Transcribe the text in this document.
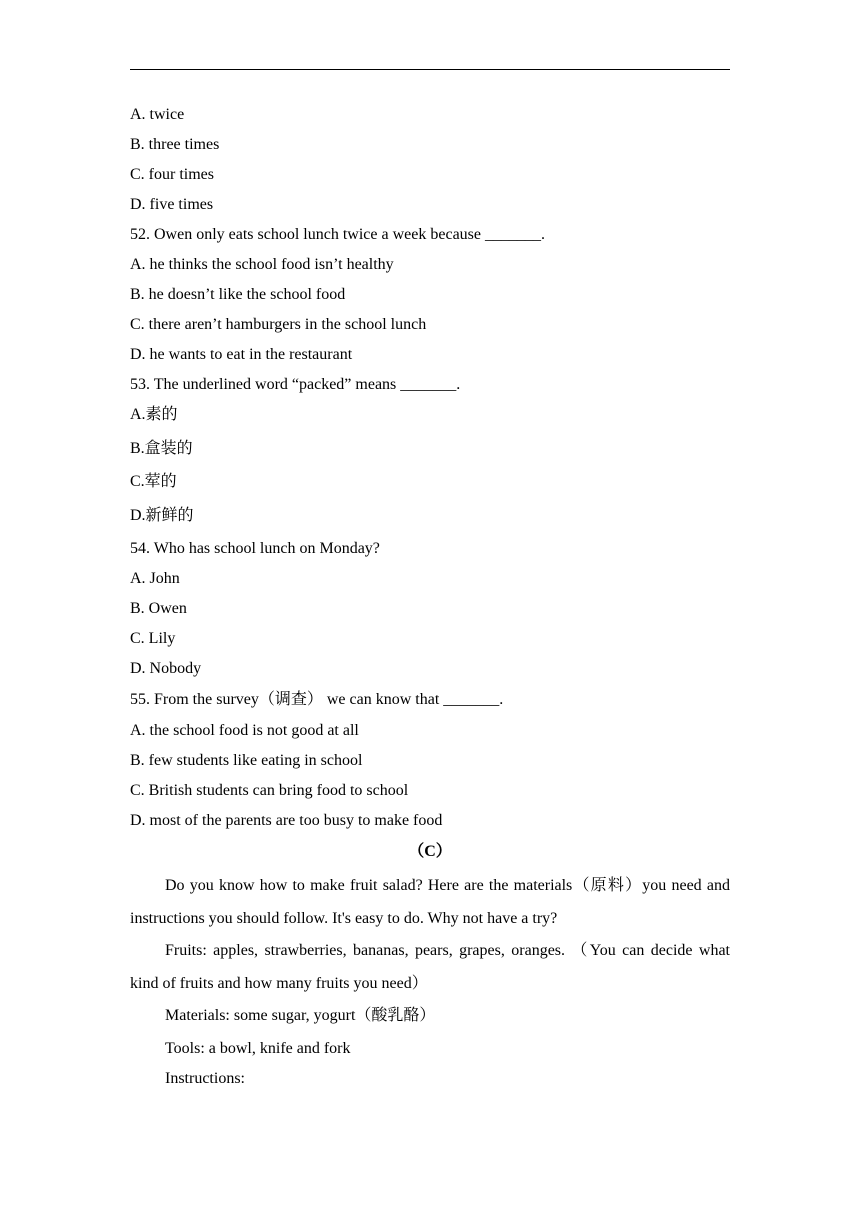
A. twice
B. three times
C. four times
D. five times
52. Owen only eats school lunch twice a week because _______.
A. he thinks the school food isn’t healthy
B. he doesn’t like the school food
C. there aren’t hamburgers in the school lunch
D. he wants to eat in the restaurant
53. The underlined word “packed” means _______.
A.素的
B.盒装的
C.荤的
D.新鲜的
54. Who has school lunch on Monday?
A. John
B. Owen
C. Lily
D. Nobody
55. From the survey（调查） we can know that _______.
A. the school food is not good at all
B. few students like eating in school
C. British students can bring food to school
D. most of the parents are too busy to make food
（C）
Do you know how to make fruit salad? Here are the materials（原料）you need and instructions you should follow. It's easy to do. Why not have a try?
Fruits: apples, strawberries, bananas, pears, grapes, oranges. （You can decide what kind of fruits and how many fruits you need）
Materials: some sugar, yogurt（酸乳酪）
Tools: a bowl, knife and fork
Instructions:
